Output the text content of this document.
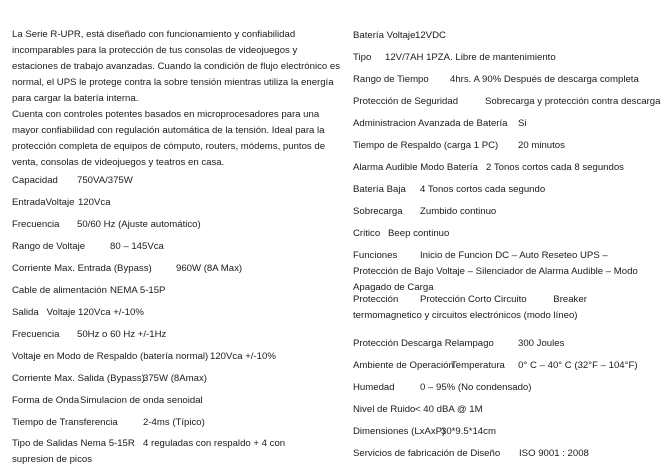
La Serie R-UPR, está diseñado con funcionamiento y confiabilidad incomparables para la protección de tus consolas de videojuegos y estaciones de trabajo avanzadas. Cuando la condición de flujo electrónico es normal, el UPS le protege contra la sobre tensión mientras utiliza la energía para cargar la batería interna.
Cuenta con controles potentes basados en microprocesadores para una mayor confiabilidad con regulación automática de la tensión. Ideal para la protección completa de equipos de cómputo, routers, módems, puntos de venta, consolas de videojuegos y teatros en casa.
Capacidad 750VA/375W
EntradaVoltaje 120Vca
Frecuencia 50/60 Hz (Ajuste automático)
Rango de Voltaje	80 – 145Vca
Corriente Max. Entrada (Bypass)	960W (8A Max)
Cable de alimentación NEMA 5-15P
Salida   Voltaje 120Vca +/-10%
Frecuencia 50Hz o 60 Hz +/-1Hz
Voltaje en Modo de Respaldo (batería normal) 120Vca +/-10%
Corriente Max. Salida (Bypass)375W (8Amax)
Forma de OndaSimulacion de onda senoidal
Tiempo de Transferencia	2-4ms (Típico)
Tipo de Salidas Nema 5-15R 4 reguladas con respaldo + 4 con supresion de picos
Batería Voltaje12VDC
Tipo 12V/7AH 1PZA. Libre de mantenimiento
Rango de Tiempo 4hrs. A 90% Después de descarga completa
Protección de Seguridad	Sobrecarga y protección contra descarga
Administracion Avanzada de Batería Si
Tiempo de Respaldo (carga 1 PC) 20 minutos
Alarma Audible Modo Batería 2 Tonos cortos cada 8 segundos
Batería Baja 4 Tonos cortos cada segundo
Sobrecarga Zumbido continuo
Critico Beep continuo
Funciones Inicio de Funcion DC – Auto Reseteo UPS – Protección de Bajo Voltaje – Silenciador de Alarma Audible – Modo Apagado de Carga
Protección Protección Corto Circuito          Breaker termomagnetico y circuitos electrónicos (modo líneo)
Protección Descarga Relampago	300 Joules
Ambiente de OperaciónTemperatura     0° C – 40° C (32°F – 104°F)
Humedad	0 – 95% (No condensado)
Nivel de Ruido< 40 dBA @ 1M
Dimensiones (LxAxP)30*9.5*14cm
Servicios de fabricación de Diseño ISO 9001 : 2008
